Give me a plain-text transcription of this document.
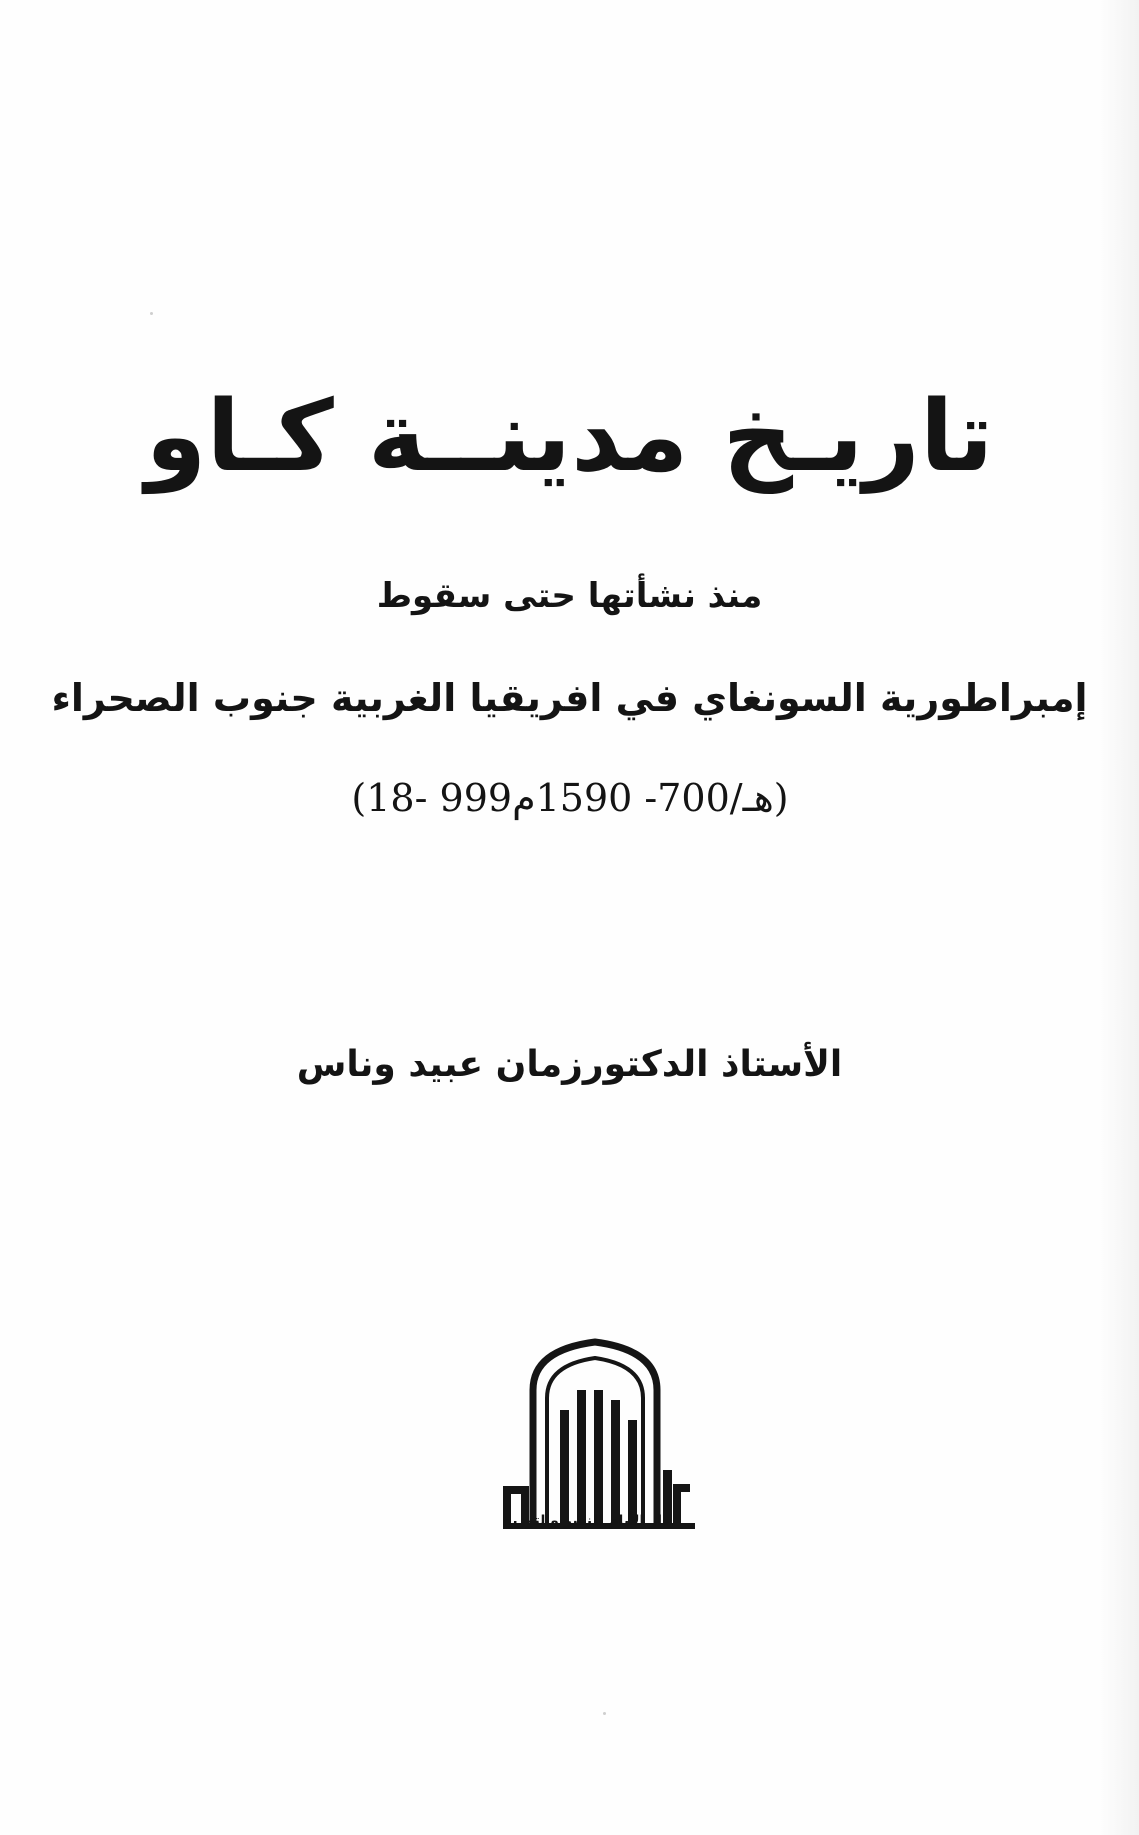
تاريـخ مدينــة كـاو
منذ نشأتها حتى سقوط
إمبراطورية السونغاي في افريقيا الغربية جنوب الصحراء
(18- 999هـ/700- 1590م)
الأستاذ الدكتورزمان عبيد وناس
دار الأيام للنشر والتوزيع
